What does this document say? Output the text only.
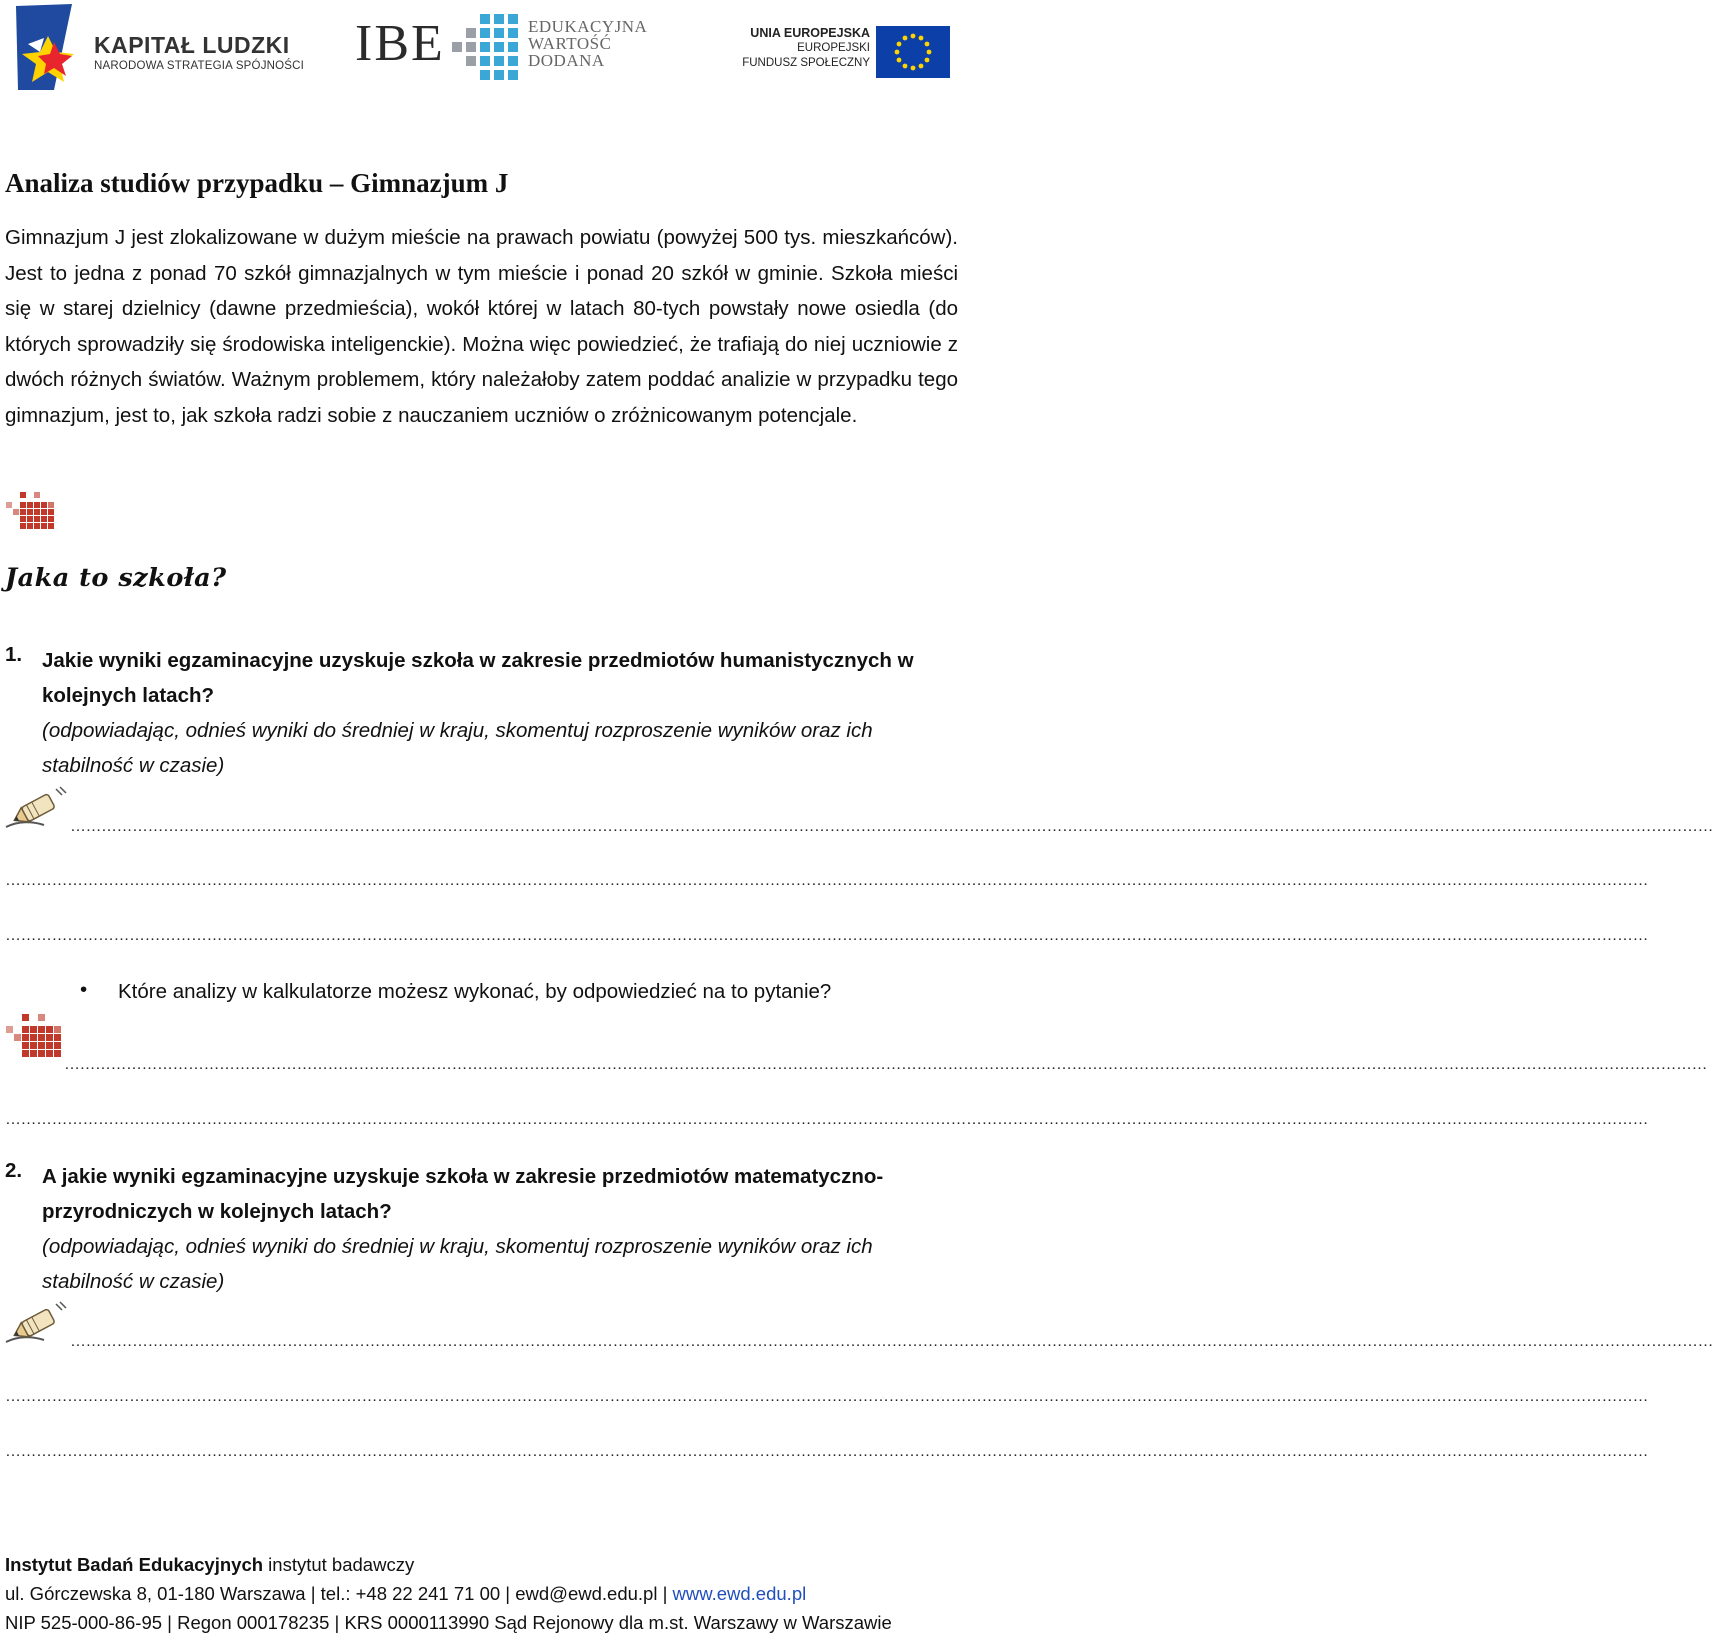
KAPITAŁ LUDZKI
NARODOWA STRATEGIA SPÓJNOŚCI IBE	EDUKACYJNA
WARTOŚĆ
DODANA
UNIA EUROPEJSKA
EUROPEJSKI
FUNDUSZ SPOŁECZNY
Analiza studiów przypadku – Gimnazjum J

Gimnazjum J jest zlokalizowane w dużym mieście na prawach powiatu (powyżej 500 tys. mieszkańców). Jest to jedna z ponad 70 szkół gimnazjalnych w tym mieście i ponad 20 szkół w gminie. Szkoła mieści się w starej dzielnicy (dawne przedmieścia), wokół której w latach 80-tych powstały nowe osiedla (do których sprowadziły się środowiska inteligenckie). Można więc powiedzieć, że trafiają do niej uczniowie z dwóch różnych światów. Ważnym problemem, który należałoby zatem poddać analizie w przypadku tego gimnazjum, jest to, jak szkoła radzi sobie z nauczaniem uczniów o zróżnicowanym potencjale.

Jaka to szkoła?
1. Jakie wyniki egzaminacyjne uzyskuje szkoła w zakresie przedmiotów humanistycznych w kolejnych latach?
(odpowiadając, odnieś wyniki do średniej w kraju, skomentuj rozproszenie wyników oraz ich stabilność w czasie)
…………………………………………………………………………………………………………………………………………………………………………………………………………………………………………………………………………………………
…………………………………………………………………………………………………………………………………………………………………………………………………………………………………………………………………………………………
…………………………………………………………………………………………………………………………………………………………………………………………………………………………………………………………………………………………
• Które analizy w kalkulatorze możesz wykonać, by odpowiedzieć na to pytanie?
…………………………………………………………………………………………………………………………………………………………………………………………………………………………………………………………………………………………
…………………………………………………………………………………………………………………………………………………………………………………………………………………………………………………………………………………………
2. A jakie wyniki egzaminacyjne uzyskuje szkoła w zakresie przedmiotów matematyczno-przyrodniczych w kolejnych latach?
(odpowiadając, odnieś wyniki do średniej w kraju, skomentuj rozproszenie wyników oraz ich stabilność w czasie)
…………………………………………………………………………………………………………………………………………………………………………………………………………………………………………………………………………………………
…………………………………………………………………………………………………………………………………………………………………………………………………………………………………………………………………………………………
…………………………………………………………………………………………………………………………………………………………………………………………………………………………………………………………………………………………
Instytut Badań Edukacyjnych instytut badawczy
ul. Górczewska 8, 01-180 Warszawa | tel.: +48 22 241 71 00 | ewd@ewd.edu.pl | www.ewd.edu.pl
NIP 525-000-86-95 | Regon 000178235 | KRS 0000113990 Sąd Rejonowy dla m.st. Warszawy w Warszawie
